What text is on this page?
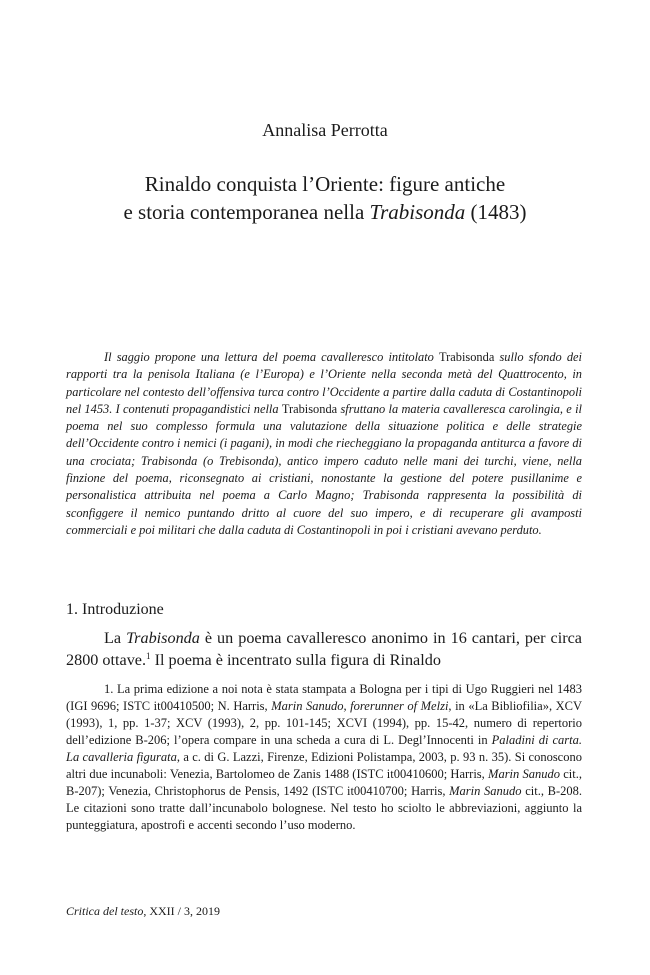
Annalisa Perrotta
Rinaldo conquista l’Oriente: figure antiche
e storia contemporanea nella Trabisonda (1483)
Il saggio propone una lettura del poema cavalleresco intitolato Trabisonda sullo sfondo dei rapporti tra la penisola Italiana (e l’Europa) e l’Oriente nella seconda metà del Quattrocento, in particolare nel contesto dell’offensiva turca contro l’Occidente a partire dalla caduta di Costantinopoli nel 1453. I contenuti propagandistici nella Trabisonda sfruttano la materia cavalleresca carolingia, e il poema nel suo complesso formula una valutazione della situazione politica e delle strategie dell’Occidente contro i nemici (i pagani), in modi che riecheggiano la propaganda antiturca a favore di una crociata; Trabisonda (o Trebisonda), antico impero caduto nelle mani dei turchi, viene, nella finzione del poema, riconsegnato ai cristiani, nonostante la gestione del potere pusillanime e personalistica attribuita nel poema a Carlo Magno; Trabisonda rappresenta la possibilità di sconfiggere il nemico puntando dritto al cuore del suo impero, e di recuperare gli avamposti commerciali e poi militari che dalla caduta di Costantinopoli in poi i cristiani avevano perduto.
1. Introduzione
La Trabisonda è un poema cavalleresco anonimo in 16 cantari, per circa 2800 ottave.$^1$ Il poema è incentrato sulla figura di Rinaldo
1. La prima edizione a noi nota è stata stampata a Bologna per i tipi di Ugo Ruggieri nel 1483 (IGI 9696; ISTC it00410500; N. Harris, Marin Sanudo, forerunner of Melzi, in «La Bibliofilia», XCV (1993), 1, pp. 1-37; XCV (1993), 2, pp. 101-145; XCVI (1994), pp. 15-42, numero di repertorio dell’edizione B-206; l’opera compare in una scheda a cura di L. Degl’Innocenti in Paladini di carta. La cavalleria figurata, a c. di G. Lazzi, Firenze, Edizioni Polistampa, 2003, p. 93 n. 35). Si conoscono altri due incunaboli: Venezia, Bartolomeo de Zanis 1488 (ISTC it00410600; Harris, Marin Sanudo cit., B-207); Venezia, Christophorus de Pensis, 1492 (ISTC it00410700; Harris, Marin Sanudo cit., B-208. Le citazioni sono tratte dall’incunabolo bolognese. Nel testo ho sciolto le abbreviazioni, aggiunto la punteggiatura, apostrofi e accenti secondo l’uso moderno.
Critica del testo, XXII / 3, 2019
